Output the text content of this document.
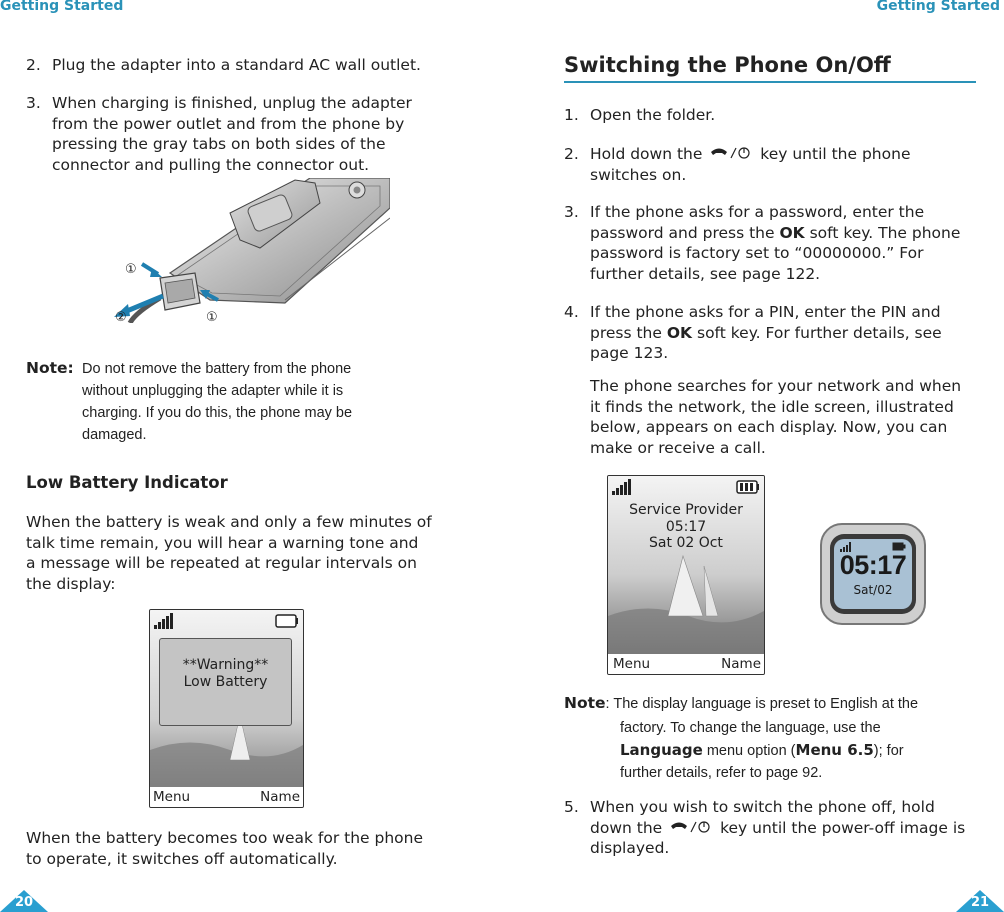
Getting Started
2. Plug the adapter into a standard AC wall outlet.
3. When charging is finished, unplug the adapter
from the power outlet and from the phone by
pressing the gray tabs on both sides of the
connector and pulling the connector out.
①
②	①
Note: Do not remove the battery from the phone
without unplugging the adapter while it is
charging. If you do this, the phone may be
damaged.
Low Battery Indicator
When the battery is weak and only a few minutes of
talk time remain, you will hear a warning tone and
a message will be repeated at regular intervals on
the display:
**Warning**
Low Battery
Menu	Name
When the battery becomes too weak for the phone
to operate, it switches off automatically.
20
Getting Started
Switching the Phone On/Off
1. Open the folder.
2. Hold down the	key until the phone
switches on.
3. If the phone asks for a password, enter the
password and press the OK soft key. The phone
password is factory set to “00000000.” For
further details, see page 122.
4. If the phone asks for a PIN, enter the PIN and
press the OK soft key. For further details, see
page 123.
The phone searches for your network and when
it finds the network, the idle screen, illustrated
below, appears on each display. Now, you can
make or receive a call.
Service Provider
05:17
Sat 02 Oct
Menu	Name
05:17
Sat/02
Note: The display language is preset to English at the
factory. To change the language, use the
Language menu option (Menu 6.5); for
further details, refer to page 92.
5. When you wish to switch the phone off, hold
down the	key until the power-off image is
displayed.
21
